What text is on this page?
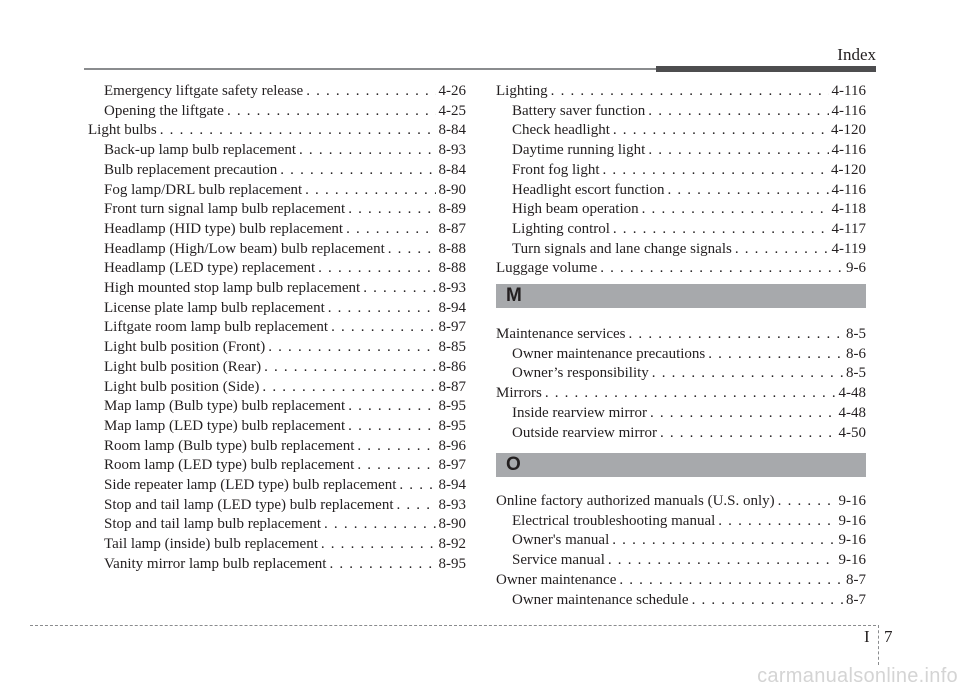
Index
Emergency liftgate safety release . . .	4-26
Opening the liftgate . . .	4-25
Light bulbs . . .	8-84
Back-up lamp bulb replacement . . .	8-93
Bulb replacement precaution . . .	8-84
Fog lamp/DRL bulb replacement . . .	8-90
Front turn signal lamp bulb replacement . . .	8-89
Headlamp (HID type) bulb replacement . . .	8-87
Headlamp (High/Low beam) bulb replacement . . .	8-88
Headlamp (LED type) replacement . . .	8-88
High mounted stop lamp bulb replacement . . .	8-93
License plate lamp bulb replacement . . .	8-94
Liftgate room lamp bulb replacement . . .	8-97
Light bulb position (Front) . . .	8-85
Light bulb position (Rear) . . .	8-86
Light bulb position (Side) . . .	8-87
Map lamp (Bulb type) bulb replacement . . .	8-95
Map lamp (LED type) bulb replacement . . .	8-95
Room lamp (Bulb type) bulb replacement . . .	8-96
Room lamp (LED type) bulb replacement . . .	8-97
Side repeater lamp (LED type) bulb replacement . . .	8-94
Stop and tail lamp (LED type) bulb replacement . . .	8-93
Stop and tail lamp bulb replacement . . .	8-90
Tail lamp (inside) bulb replacement . . .	8-92
Vanity mirror lamp bulb replacement . . .	8-95
Lighting . . .	4-116
Battery saver function . . .	4-116
Check headlight . . .	4-120
Daytime running light . . .	4-116
Front fog light . . .	4-120
Headlight escort function . . .	4-116
High beam operation . . .	4-118
Lighting control . . .	4-117
Turn signals and lane change signals . . .	4-119
Luggage volume . . .	9-6
M
Maintenance services . . .	8-5
Owner maintenance precautions . . .	8-6
Owner’s responsibility . . .	8-5
Mirrors . . .	4-48
Inside rearview mirror . . .	4-48
Outside rearview mirror . . .	4-50
O
Online factory authorized manuals (U.S. only) . . .	9-16
Electrical troubleshooting manual . . .	9-16
Owner's manual . . .	9-16
Service manual . . .	9-16
Owner maintenance . . .	8-7
Owner maintenance schedule . . .	8-7
I 7
carmanualsonline.info
